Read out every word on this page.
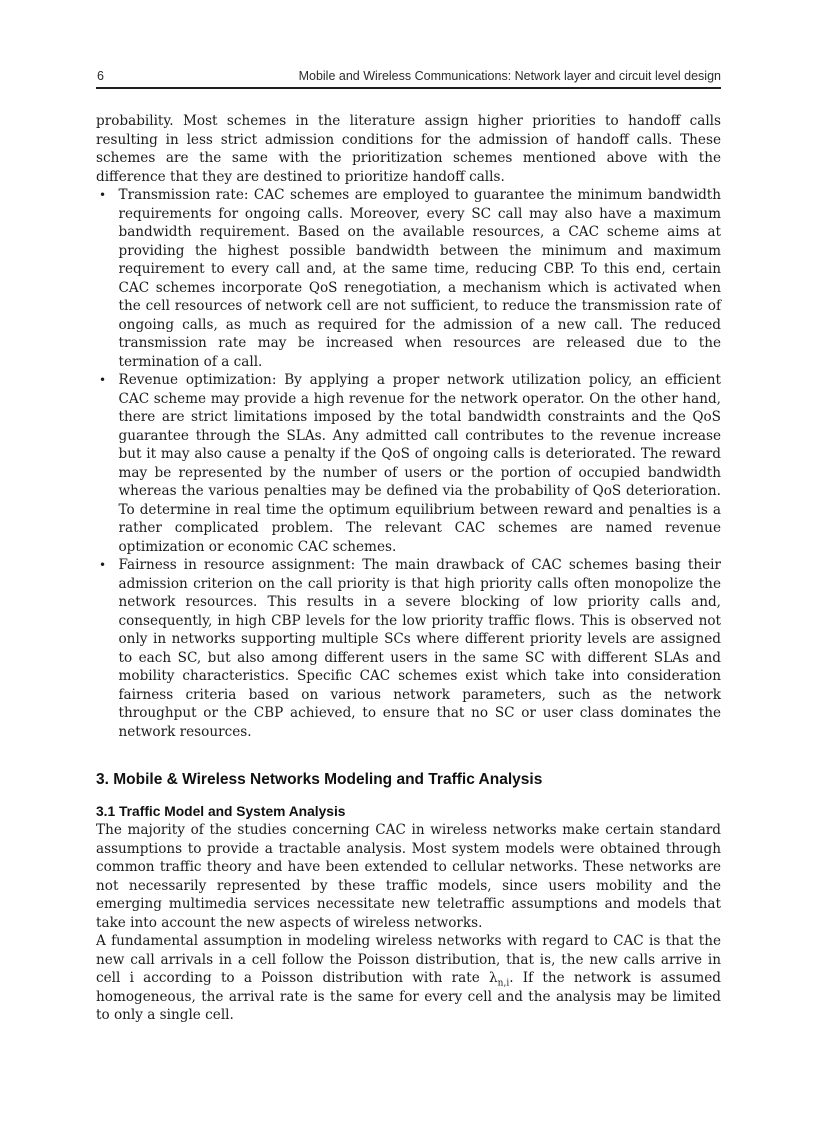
6	Mobile and Wireless Communications: Network layer and circuit level design

probability. Most schemes in the literature assign higher priorities to handoff calls resulting in less strict admission conditions for the admission of handoff calls. These schemes are the same with the prioritization schemes mentioned above with the difference that they are destined to prioritize handoff calls.

• Transmission rate: CAC schemes are employed to guarantee the minimum bandwidth requirements for ongoing calls. Moreover, every SC call may also have a maximum bandwidth requirement. Based on the available resources, a CAC scheme aims at providing the highest possible bandwidth between the minimum and maximum requirement to every call and, at the same time, reducing CBP. To this end, certain CAC schemes incorporate QoS renegotiation, a mechanism which is activated when the cell resources of network cell are not sufficient, to reduce the transmission rate of ongoing calls, as much as required for the admission of a new call. The reduced transmission rate may be increased when resources are released due to the termination of a call.

• Revenue optimization: By applying a proper network utilization policy, an efficient CAC scheme may provide a high revenue for the network operator. On the other hand, there are strict limitations imposed by the total bandwidth constraints and the QoS guarantee through the SLAs. Any admitted call contributes to the revenue increase but it may also cause a penalty if the QoS of ongoing calls is deteriorated. The reward may be represented by the number of users or the portion of occupied bandwidth whereas the various penalties may be defined via the probability of QoS deterioration. To determine in real time the optimum equilibrium between reward and penalties is a rather complicated problem. The relevant CAC schemes are named revenue optimization or economic CAC schemes.

• Fairness in resource assignment: The main drawback of CAC schemes basing their admission criterion on the call priority is that high priority calls often monopolize the network resources. This results in a severe blocking of low priority calls and, consequently, in high CBP levels for the low priority traffic flows. This is observed not only in networks supporting multiple SCs where different priority levels are assigned to each SC, but also among different users in the same SC with different SLAs and mobility characteristics. Specific CAC schemes exist which take into consideration fairness criteria based on various network parameters, such as the network throughput or the CBP achieved, to ensure that no SC or user class dominates the network resources.

3. Mobile & Wireless Networks Modeling and Traffic Analysis
3.1 Traffic Model and System Analysis

The majority of the studies concerning CAC in wireless networks make certain standard assumptions to provide a tractable analysis. Most system models were obtained through common traffic theory and have been extended to cellular networks. These networks are not necessarily represented by these traffic models, since users mobility and the emerging multimedia services necessitate new teletraffic assumptions and models that take into account the new aspects of wireless networks.

A fundamental assumption in modeling wireless networks with regard to CAC is that the new call arrivals in a cell follow the Poisson distribution, that is, the new calls arrive in cell i according to a Poisson distribution with rate $\lambda_{n,i}$. If the network is assumed homogeneous, the arrival rate is the same for every cell and the analysis may be limited to only a single cell.
